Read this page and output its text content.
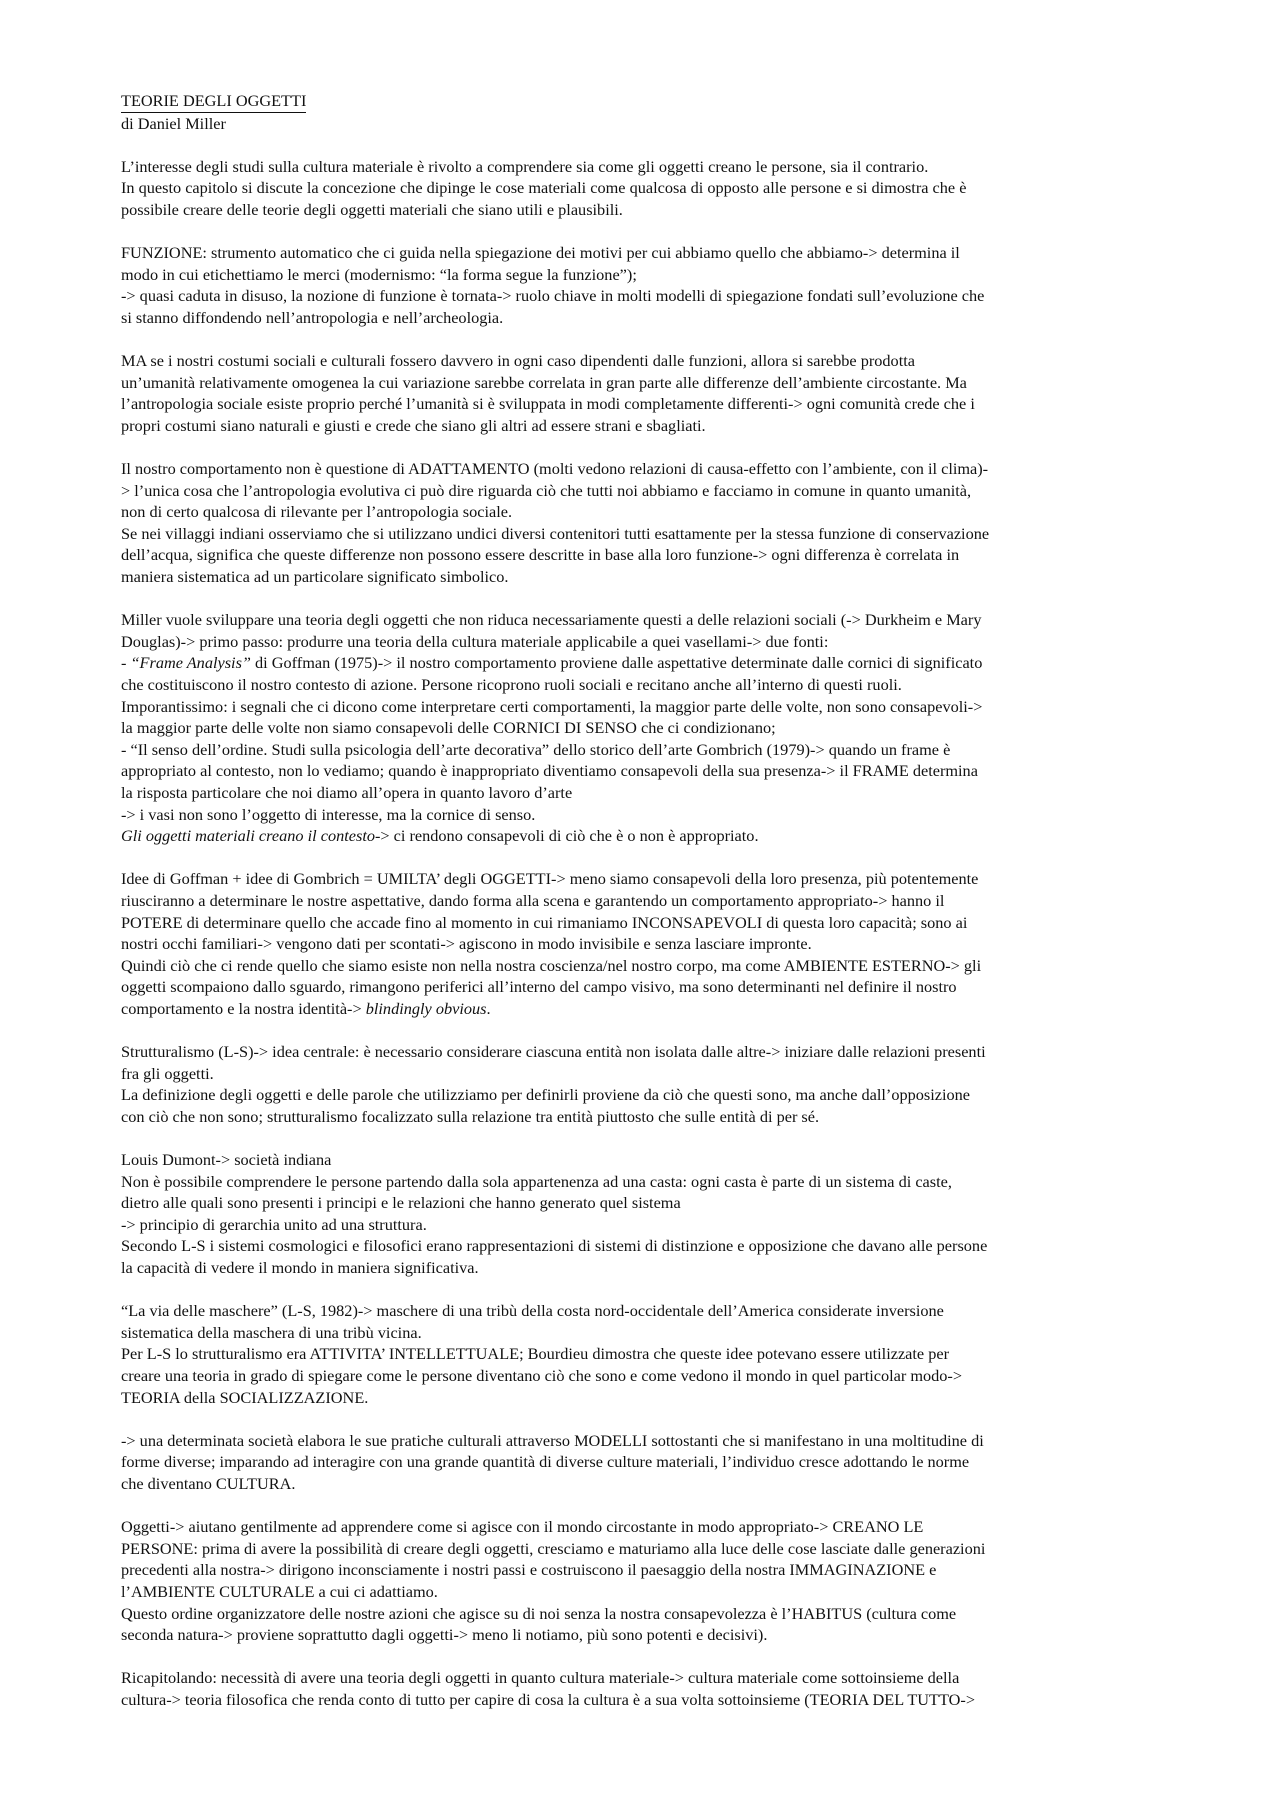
TEORIE DEGLI OGGETTI
di Daniel Miller
L’interesse degli studi sulla cultura materiale è rivolto a comprendere sia come gli oggetti creano le persone, sia il contrario.
In questo capitolo si discute la concezione che dipinge le cose materiali come qualcosa di opposto alle persone e si dimostra che è
possibile creare delle teorie degli oggetti materiali che siano utili e plausibili.
FUNZIONE: strumento automatico che ci guida nella spiegazione dei motivi per cui abbiamo quello che abbiamo-> determina il
modo in cui etichettiamo le merci (modernismo: “la forma segue la funzione”);
-> quasi caduta in disuso, la nozione di funzione è tornata-> ruolo chiave in molti modelli di spiegazione fondati sull’evoluzione che
si stanno diffondendo nell’antropologia e nell’archeologia.
MA se i nostri costumi sociali e culturali fossero davvero in ogni caso dipendenti dalle funzioni, allora si sarebbe prodotta
un’umanità relativamente omogenea la cui variazione sarebbe correlata in gran parte alle differenze dell’ambiente circostante. Ma
l’antropologia sociale esiste proprio perché l’umanità si è sviluppata in modi completamente differenti-> ogni comunità crede che i
propri costumi siano naturali e giusti e crede che siano gli altri ad essere strani e sbagliati.
Il nostro comportamento non è questione di ADATTAMENTO (molti vedono relazioni di causa-effetto con l’ambiente, con il clima)-
> l’unica cosa che l’antropologia evolutiva ci può dire riguarda ciò che tutti noi abbiamo e facciamo in comune in quanto umanità,
non di certo qualcosa di rilevante per l’antropologia sociale.
Se nei villaggi indiani osserviamo che si utilizzano undici diversi contenitori tutti esattamente per la stessa funzione di conservazione
dell’acqua, significa che queste differenze non possono essere descritte in base alla loro funzione-> ogni differenza è correlata in
maniera sistematica ad un particolare significato simbolico.
Miller vuole sviluppare una teoria degli oggetti che non riduca necessariamente questi a delle relazioni sociali (-> Durkheim e Mary
Douglas)-> primo passo: produrre una teoria della cultura materiale applicabile a quei vasellami-> due fonti:
- “Frame Analysis” di Goffman (1975)-> il nostro comportamento proviene dalle aspettative determinate dalle cornici di significato
che costituiscono il nostro contesto di azione. Persone ricoprono ruoli sociali e recitano anche all’interno di questi ruoli.
Imporantissimo: i segnali che ci dicono come interpretare certi comportamenti, la maggior parte delle volte, non sono consapevoli->
la maggior parte delle volte non siamo consapevoli delle CORNICI DI SENSO che ci condizionano;
- “Il senso dell’ordine. Studi sulla psicologia dell’arte decorativa” dello storico dell’arte Gombrich (1979)-> quando un frame è
appropriato al contesto, non lo vediamo; quando è inappropriato diventiamo consapevoli della sua presenza-> il FRAME determina
la risposta particolare che noi diamo all’opera in quanto lavoro d’arte
-> i vasi non sono l’oggetto di interesse, ma la cornice di senso.
Gli oggetti materiali creano il contesto-> ci rendono consapevoli di ciò che è o non è appropriato.
Idee di Goffman + idee di Gombrich = UMILTA’ degli OGGETTI-> meno siamo consapevoli della loro presenza, più potentemente
riusciranno a determinare le nostre aspettative, dando forma alla scena e garantendo un comportamento appropriato-> hanno il
POTERE di determinare quello che accade fino al momento in cui rimaniamo INCONSAPEVOLI di questa loro capacità; sono ai
nostri occhi familiari-> vengono dati per scontati-> agiscono in modo invisibile e senza lasciare impronte.
Quindi ciò che ci rende quello che siamo esiste non nella nostra coscienza/nel nostro corpo, ma come AMBIENTE ESTERNO-> gli
oggetti scompaiono dallo sguardo, rimangono periferici all’interno del campo visivo, ma sono determinanti nel definire il nostro
comportamento e la nostra identità-> blindingly obvious.
Strutturalismo (L-S)-> idea centrale: è necessario considerare ciascuna entità non isolata dalle altre-> iniziare dalle relazioni presenti
fra gli oggetti.
La definizione degli oggetti e delle parole che utilizziamo per definirli proviene da ciò che questi sono, ma anche dall’opposizione
con ciò che non sono; strutturalismo focalizzato sulla relazione tra entità piuttosto che sulle entità di per sé.
Louis Dumont-> società indiana
Non è possibile comprendere le persone partendo dalla sola appartenenza ad una casta: ogni casta è parte di un sistema di caste,
dietro alle quali sono presenti i principi e le relazioni che hanno generato quel sistema
-> principio di gerarchia unito ad una struttura.
Secondo L-S i sistemi cosmologici e filosofici erano rappresentazioni di sistemi di distinzione e opposizione che davano alle persone
la capacità di vedere il mondo in maniera significativa.
“La via delle maschere” (L-S, 1982)-> maschere di una tribù della costa nord-occidentale dell’America considerate inversione
sistematica della maschera di una tribù vicina.
Per L-S lo strutturalismo era ATTIVITA’ INTELLETTUALE; Bourdieu dimostra che queste idee potevano essere utilizzate per
creare una teoria in grado di spiegare come le persone diventano ciò che sono e come vedono il mondo in quel particolar modo->
TEORIA della SOCIALIZZAZIONE.
-> una determinata società elabora le sue pratiche culturali attraverso MODELLI sottostanti che si manifestano in una moltitudine di
forme diverse; imparando ad interagire con una grande quantità di diverse culture materiali, l’individuo cresce adottando le norme
che diventano CULTURA.
Oggetti-> aiutano gentilmente ad apprendere come si agisce con il mondo circostante in modo appropriato-> CREANO LE
PERSONE: prima di avere la possibilità di creare degli oggetti, cresciamo e maturiamo alla luce delle cose lasciate dalle generazioni
precedenti alla nostra-> dirigono inconsciamente i nostri passi e costruiscono il paesaggio della nostra IMMAGINAZIONE e
l’AMBIENTE CULTURALE a cui ci adattiamo.
Questo ordine organizzatore delle nostre azioni che agisce su di noi senza la nostra consapevolezza è l’HABITUS (cultura come
seconda natura-> proviene soprattutto dagli oggetti-> meno li notiamo, più sono potenti e decisivi).
Ricapitolando: necessità di avere una teoria degli oggetti in quanto cultura materiale-> cultura materiale come sottoinsieme della
cultura-> teoria filosofica che renda conto di tutto per capire di cosa la cultura è a sua volta sottoinsieme (TEORIA DEL TUTTO->
